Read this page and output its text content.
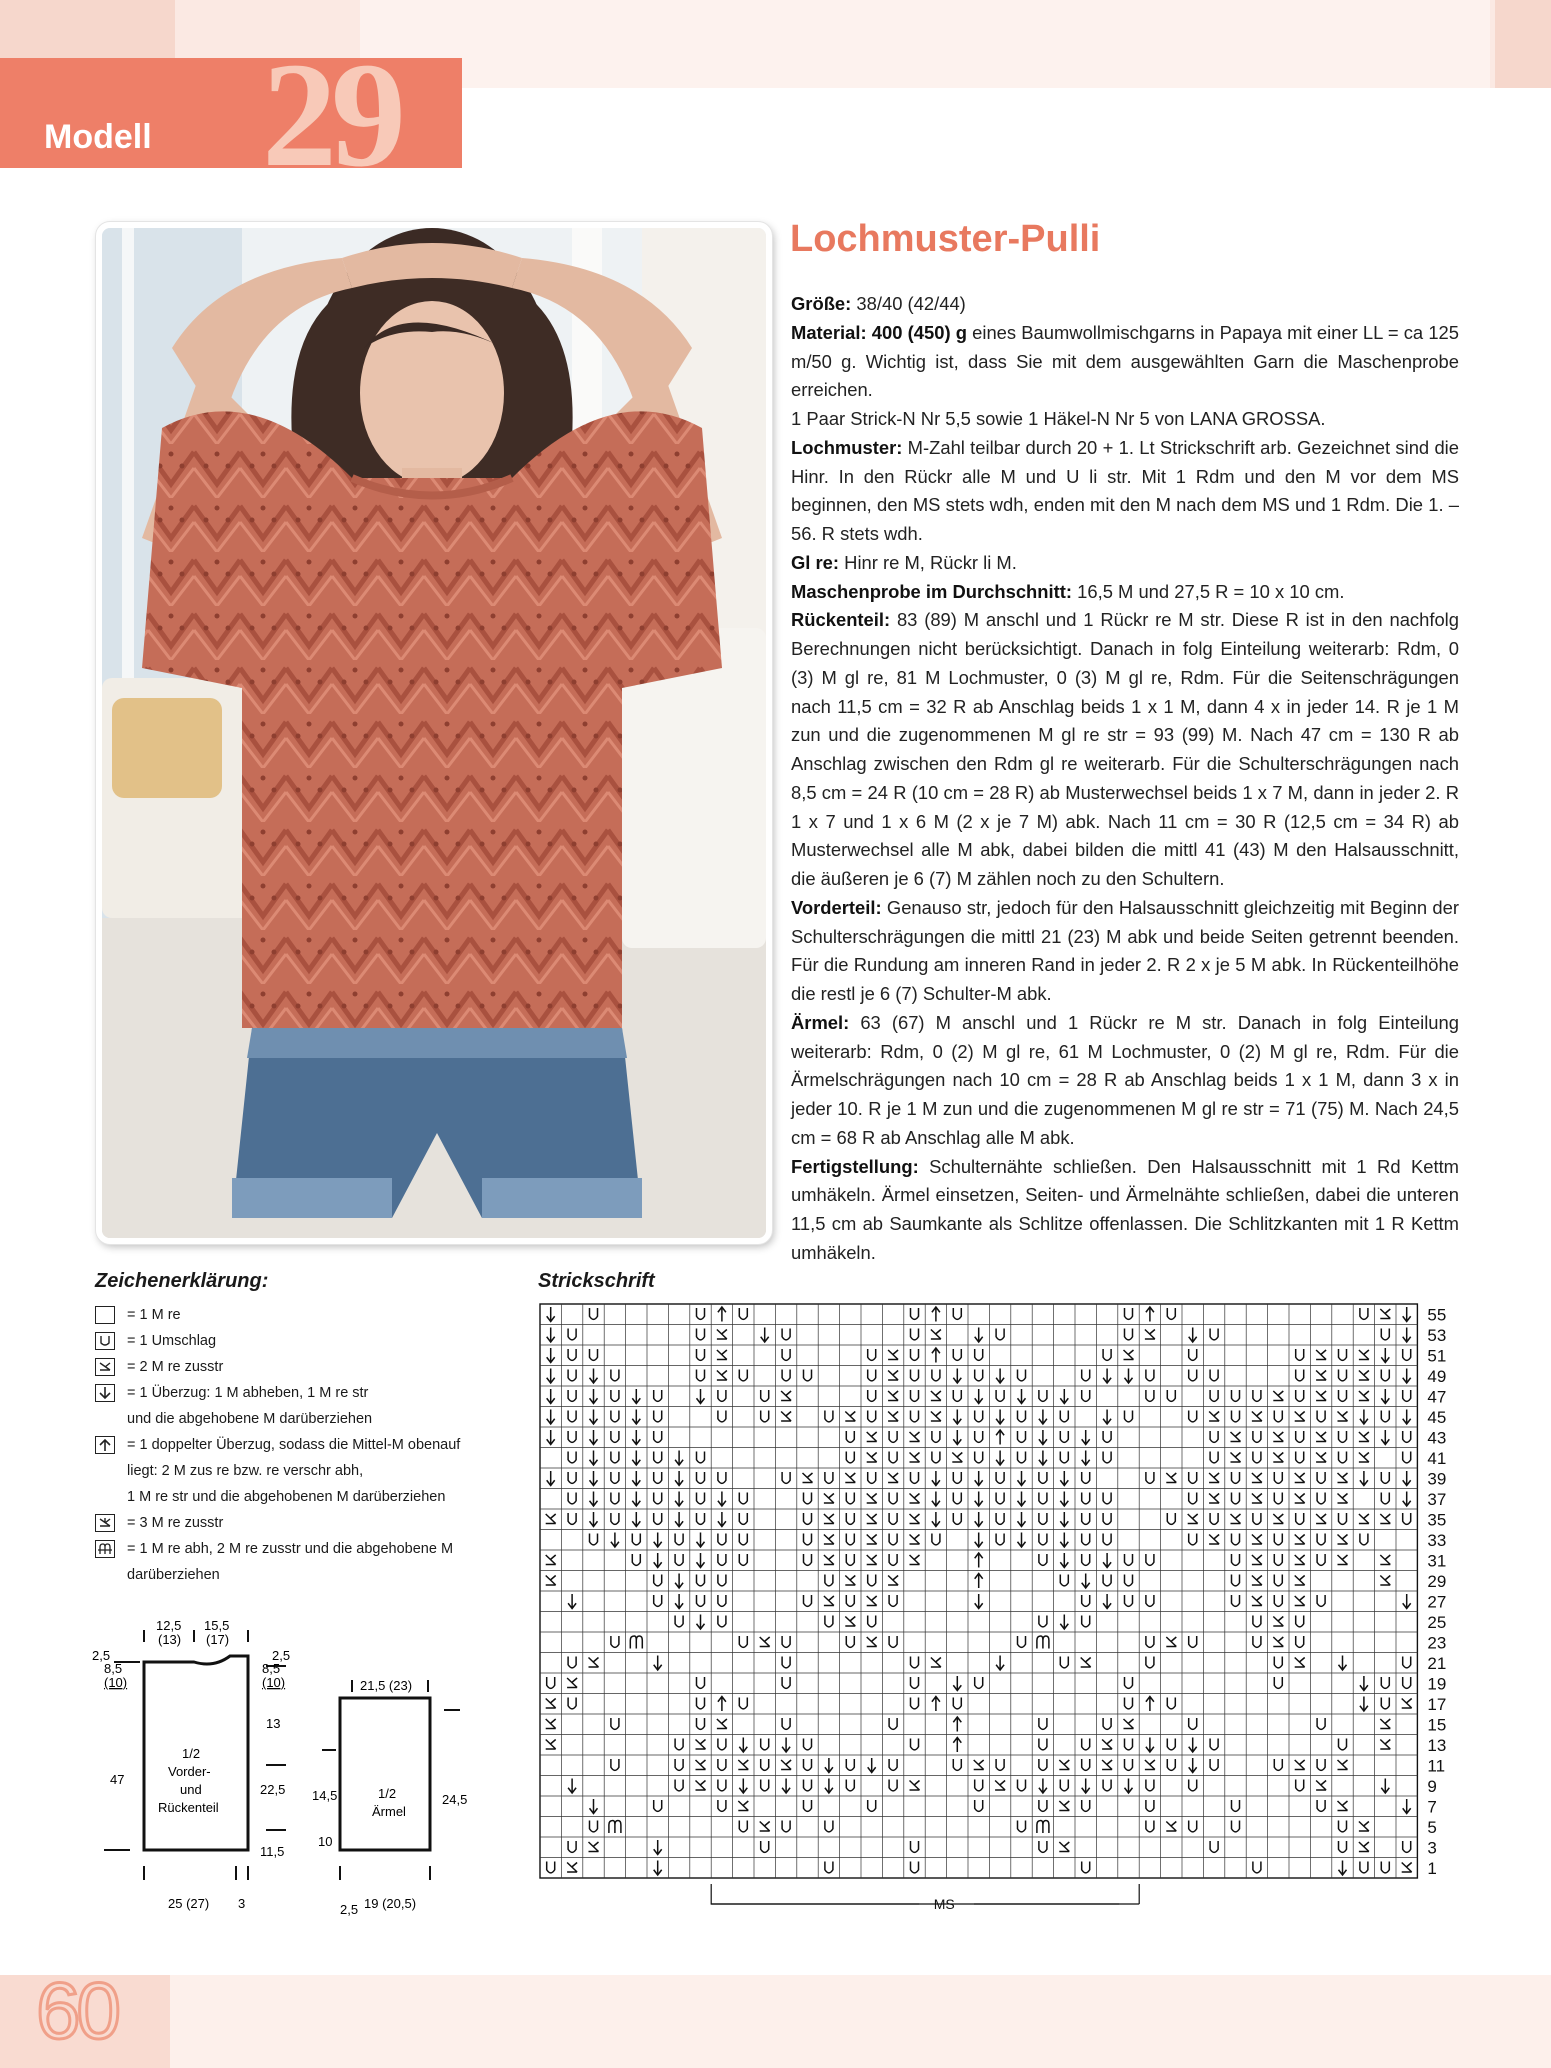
Modell 29
Lochmuster-Pulli

Größe: 38/40 (42/44)

Material: 400 (450) g eines Baumwollmischgarns in Papaya mit einer LL = ca 125 m/50 g. Wichtig ist, dass Sie mit dem ausgewählten Garn die Maschenprobe erreichen.

1 Paar Strick-N Nr 5,5 sowie 1 Häkel-N Nr 5 von LANA GROSSA.

Lochmuster: M-Zahl teilbar durch 20 + 1. Lt Strickschrift arb. Gezeichnet sind die Hinr. In den Rückr alle M und U li str. Mit 1 Rdm und den M vor dem MS beginnen, den MS stets wdh, enden mit den M nach dem MS und 1 Rdm. Die 1. – 56. R stets wdh.

Gl re: Hinr re M, Rückr li M.

Maschenprobe im Durchschnitt: 16,5 M und 27,5 R = 10 x 10 cm.

Rückenteil: 83 (89) M anschl und 1 Rückr re M str. Diese R ist in den nachfolg Berechnungen nicht berücksichtigt. Danach in folg Einteilung weiterarb: Rdm, 0 (3) M gl re, 81 M Lochmuster, 0 (3) M gl re, Rdm. Für die Seitenschrägungen nach 11,5 cm = 32 R ab Anschlag beids 1 x 1 M, dann 4 x in jeder 14. R je 1 M zun und die zugenommenen M gl re str = 93 (99) M. Nach 47 cm = 130 R ab Anschlag zwischen den Rdm gl re weiterarb. Für die Schulterschrägungen nach 8,5 cm = 24 R (10 cm = 28 R) ab Musterwechsel beids 1 x 7 M, dann in jeder 2. R 1 x 7 und 1 x 6 M (2 x je 7 M) abk. Nach 11 cm = 30 R (12,5 cm = 34 R) ab Musterwechsel alle M abk, dabei bilden die mittl 41 (43) M den Halsausschnitt, die äußeren je 6 (7) M zählen noch zu den Schultern.

Vorderteil: Genauso str, jedoch für den Halsausschnitt gleichzeitig mit Beginn der Schulterschrägungen die mittl 21 (23) M abk und beide Seiten getrennt beenden. Für die Rundung am inneren Rand in jeder 2. R 2 x je 5 M abk. In Rückenteilhöhe die restl je 6 (7) Schulter-M abk.

Ärmel: 63 (67) M anschl und 1 Rückr re M str. Danach in folg Einteilung weiterarb: Rdm, 0 (2) M gl re, 61 M Lochmuster, 0 (2) M gl re, Rdm. Für die Ärmelschrägungen nach 10 cm = 28 R ab Anschlag beids 1 x 1 M, dann 3 x in jeder 10. R je 1 M zun und die zugenommenen M gl re str = 71 (75) M. Nach 24,5 cm = 68 R ab Anschlag alle M abk.

Fertigstellung: Schulternähte schließen. Den Halsausschnitt mit 1 Rd Kettm umhäkeln. Ärmel einsetzen, Seiten- und Ärmelnähte schließen, dabei die unteren 11,5 cm ab Saumkante als Schlitze offenlassen. Die Schlitzkanten mit 1 R Kettm umhäkeln.

Zeichenerklärung:
= 1 M re
= 1 Umschlag
= 2 M re zusstr
= 1 Überzug: 1 M abheben, 1 M re str
und die abgehobene M darüberziehen
= 1 doppelter Überzug, sodass die Mittel-M obenauf
liegt: 2 M zus re bzw. re verschr abh,
1 M re str und die abgehobenen M darüberziehen
= 3 M re zusstr
= 1 M re abh, 2 M re zusstr und die abgehobene M
darüberziehen
Strickschrift
55
53
51
49
47
45
43
41
39
37
35
33
31
29
27
25
23
21
19
17
15
13
11
9
7
5
3
1
MS
12,5
(13)
15,5
(17)
2,5
8,5
(10)
47
2,5
8,5
(10)
13
22,5
11,5
1/2
Vorder-
und
Rückenteil
25 (27) 3
21,5 (23)
14,5
10
24,5
1/2
Ärmel
2,5 19 (20,5)
60
